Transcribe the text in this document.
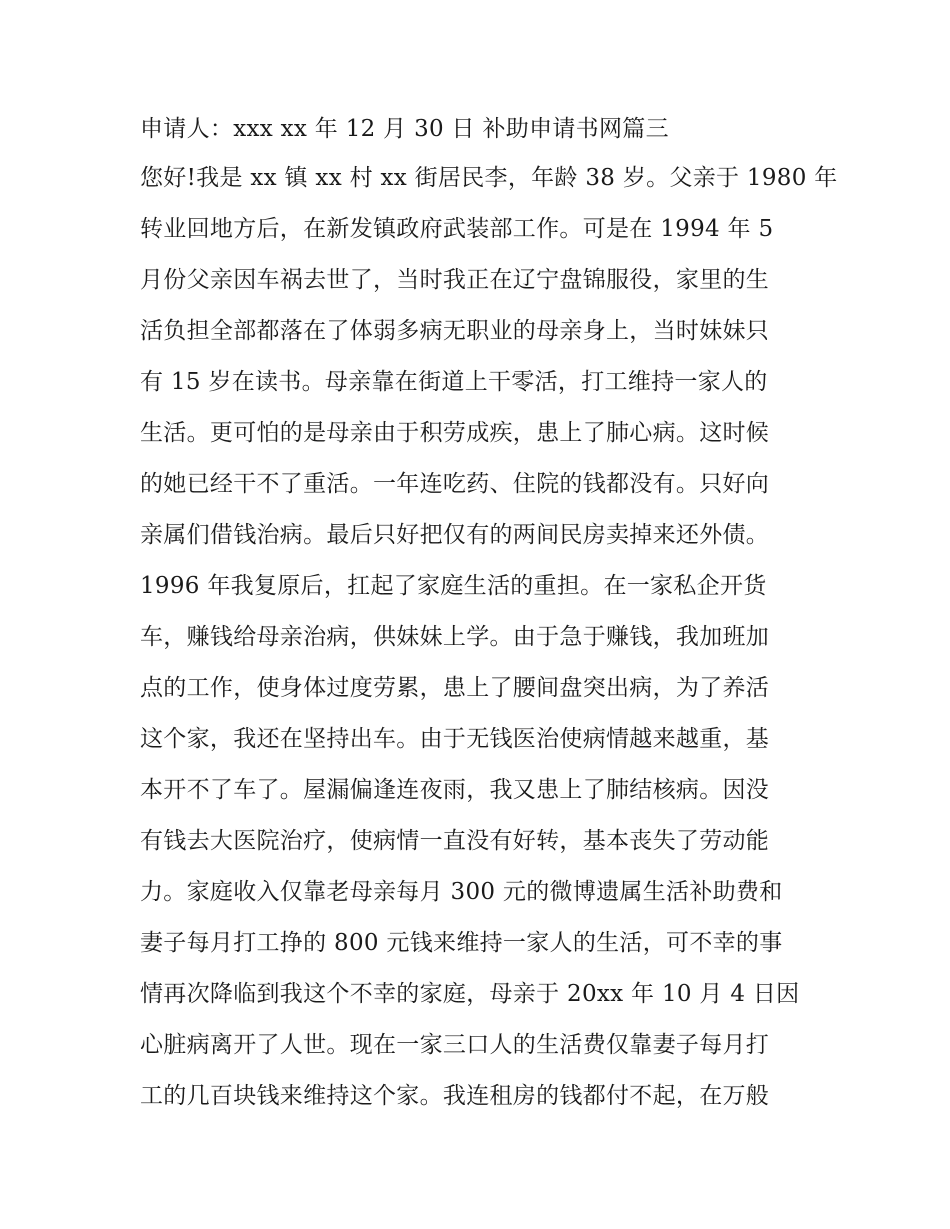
申请人：xxx xx 年 12 月 30 日 补助申请书网篇三
您好!我是 xx 镇 xx 村 xx 街居民李，年龄 38 岁。父亲于 1980 年
转业回地方后，在新发镇政府武装部工作。可是在 1994 年 5
月份父亲因车祸去世了，当时我正在辽宁盘锦服役，家里的生
活负担全部都落在了体弱多病无职业的母亲身上，当时妹妹只
有 15 岁在读书。母亲靠在街道上干零活，打工维持一家人的
生活。更可怕的是母亲由于积劳成疾，患上了肺心病。这时候
的她已经干不了重活。一年连吃药、住院的钱都没有。只好向
亲属们借钱治病。最后只好把仅有的两间民房卖掉来还外债。
1996 年我复原后，扛起了家庭生活的重担。在一家私企开货
车，赚钱给母亲治病，供妹妹上学。由于急于赚钱，我加班加
点的工作，使身体过度劳累，患上了腰间盘突出病，为了养活
这个家，我还在坚持出车。由于无钱医治使病情越来越重，基
本开不了车了。屋漏偏逢连夜雨，我又患上了肺结核病。因没
有钱去大医院治疗，使病情一直没有好转，基本丧失了劳动能
力。家庭收入仅靠老母亲每月 300 元的微博遗属生活补助费和
妻子每月打工挣的 800 元钱来维持一家人的生活，可不幸的事
情再次降临到我这个不幸的家庭，母亲于 20xx 年 10 月 4 日因
心脏病离开了人世。现在一家三口人的生活费仅靠妻子每月打
工的几百块钱来维持这个家。我连租房的钱都付不起，在万般
